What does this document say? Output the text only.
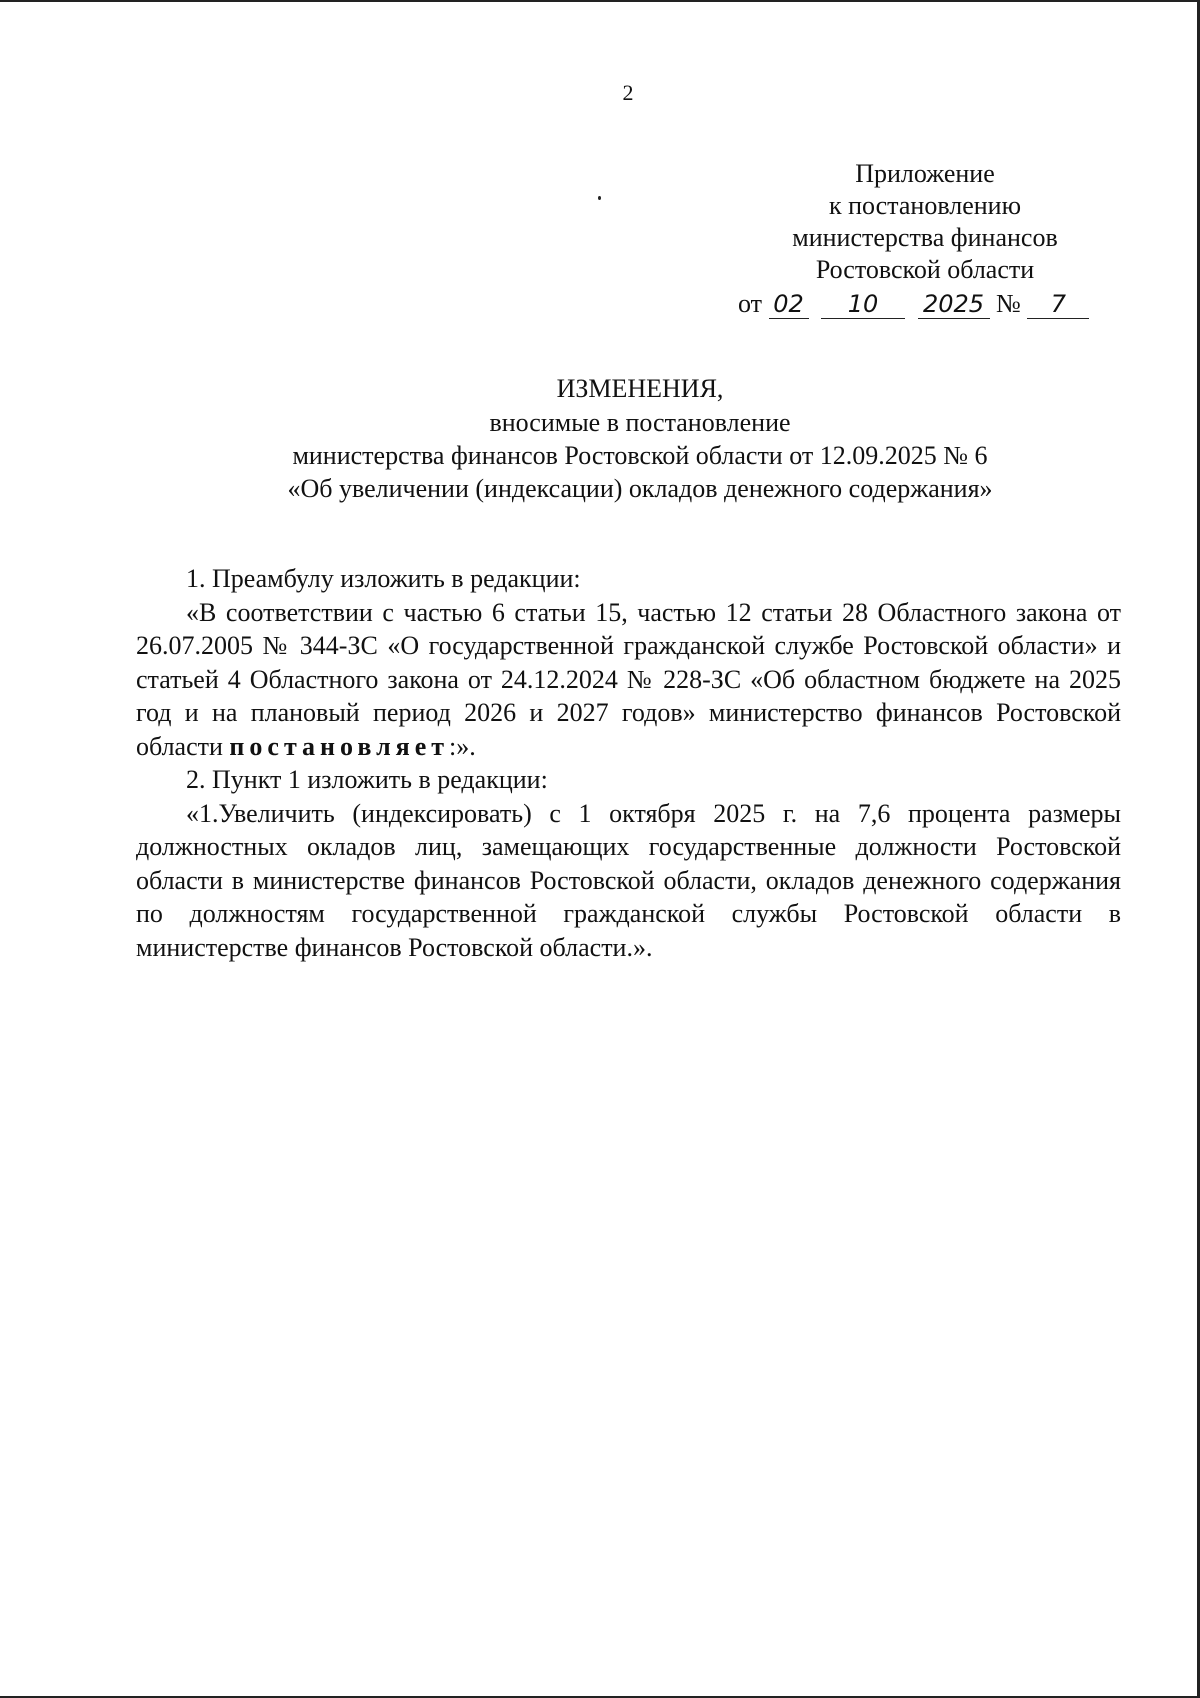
2
Приложение
к постановлению
министерства финансов
Ростовской области
от 02 10 2025 № 7
ИЗМЕНЕНИЯ,
вносимые в постановление
министерства финансов Ростовской области от 12.09.2025 № 6
«Об увеличении (индексации) окладов денежного содержания»

1. Преамбулу изложить в редакции:

«В соответствии с частью 6 статьи 15, частью 12 статьи 28 Областного закона от 26.07.2005 № 344-ЗС «О государственной гражданской службе Ростовской области» и статьей 4 Областного закона от 24.12.2024 № 228-ЗС «Об областном бюджете на 2025 год и на плановый период 2026 и 2027 годов» министерство финансов Ростовской области постановляет:».

2. Пункт 1 изложить в редакции:

«1.Увеличить (индексировать) с 1 октября 2025 г. на 7,6 процента размеры должностных окладов лиц, замещающих государственные должности Ростовской области в министерстве финансов Ростовской области, окладов денежного содержания по должностям государственной гражданской службы Ростовской области в министерстве финансов Ростовской области.».
